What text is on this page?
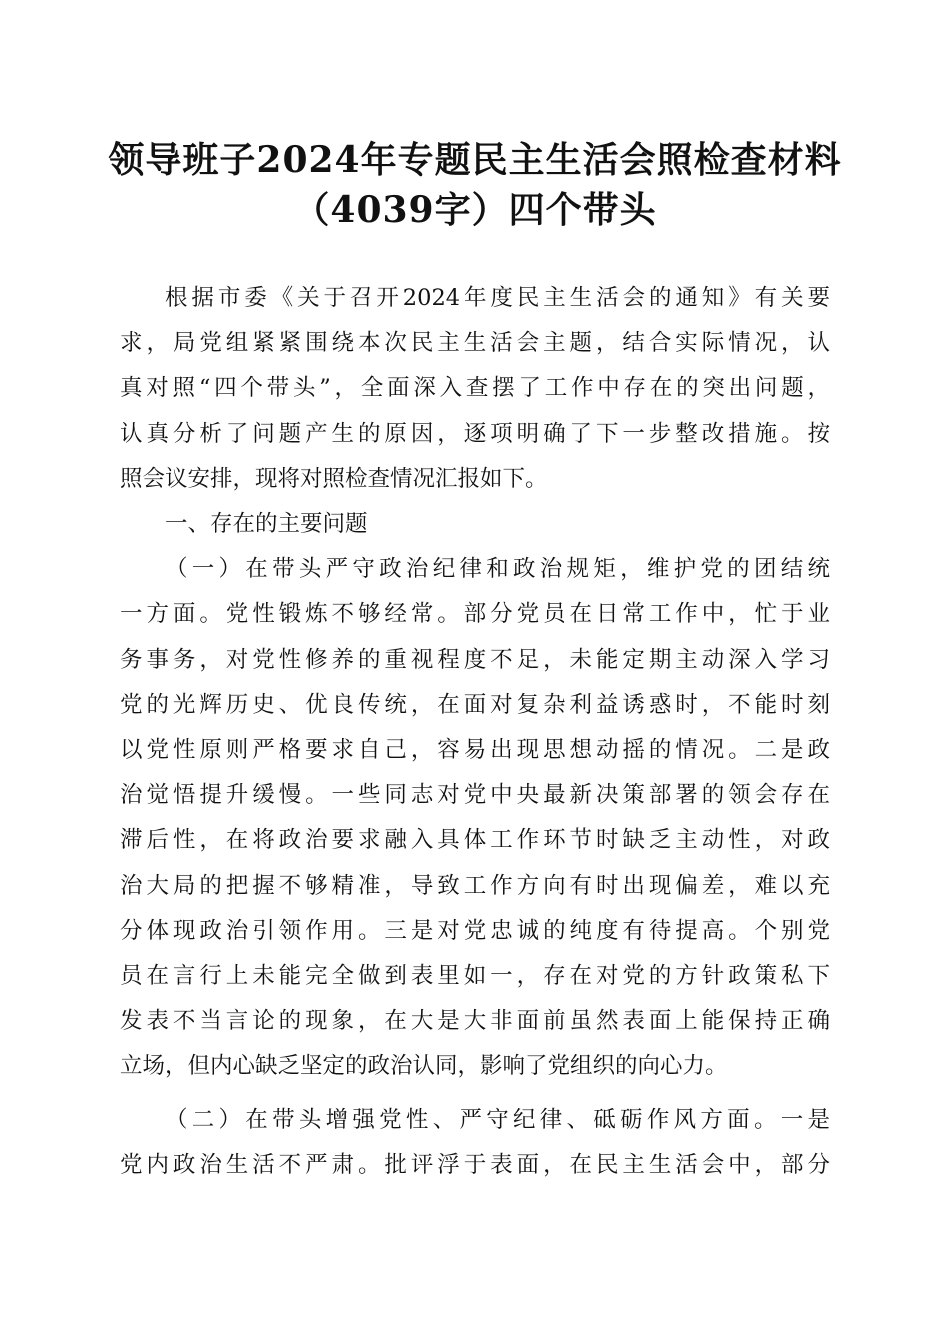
领导班子2024年专题民主生活会照检查材料
（4039字）四个带头
根据市委《关于召开2024年度民主生活会的通知》有关要
求，局党组紧紧围绕本次民主生活会主题，结合实际情况，认
真对照“四个带头”，全面深入查摆了工作中存在的突出问题，
认真分析了问题产生的原因，逐项明确了下一步整改措施。按
照会议安排，现将对照检查情况汇报如下。
一、存在的主要问题
（一）在带头严守政治纪律和政治规矩，维护党的团结统
一方面。党性锻炼不够经常。部分党员在日常工作中，忙于业
务事务，对党性修养的重视程度不足，未能定期主动深入学习
党的光辉历史、优良传统，在面对复杂利益诱惑时，不能时刻
以党性原则严格要求自己，容易出现思想动摇的情况。二是政
治觉悟提升缓慢。一些同志对党中央最新决策部署的领会存在
滞后性，在将政治要求融入具体工作环节时缺乏主动性，对政
治大局的把握不够精准，导致工作方向有时出现偏差，难以充
分体现政治引领作用。三是对党忠诚的纯度有待提高。个别党
员在言行上未能完全做到表里如一，存在对党的方针政策私下
发表不当言论的现象，在大是大非面前虽然表面上能保持正确
立场，但内心缺乏坚定的政治认同，影响了党组织的向心力。
（二）在带头增强党性、严守纪律、砥砺作风方面。一是
党内政治生活不严肃。批评浮于表面，在民主生活会中，部分
